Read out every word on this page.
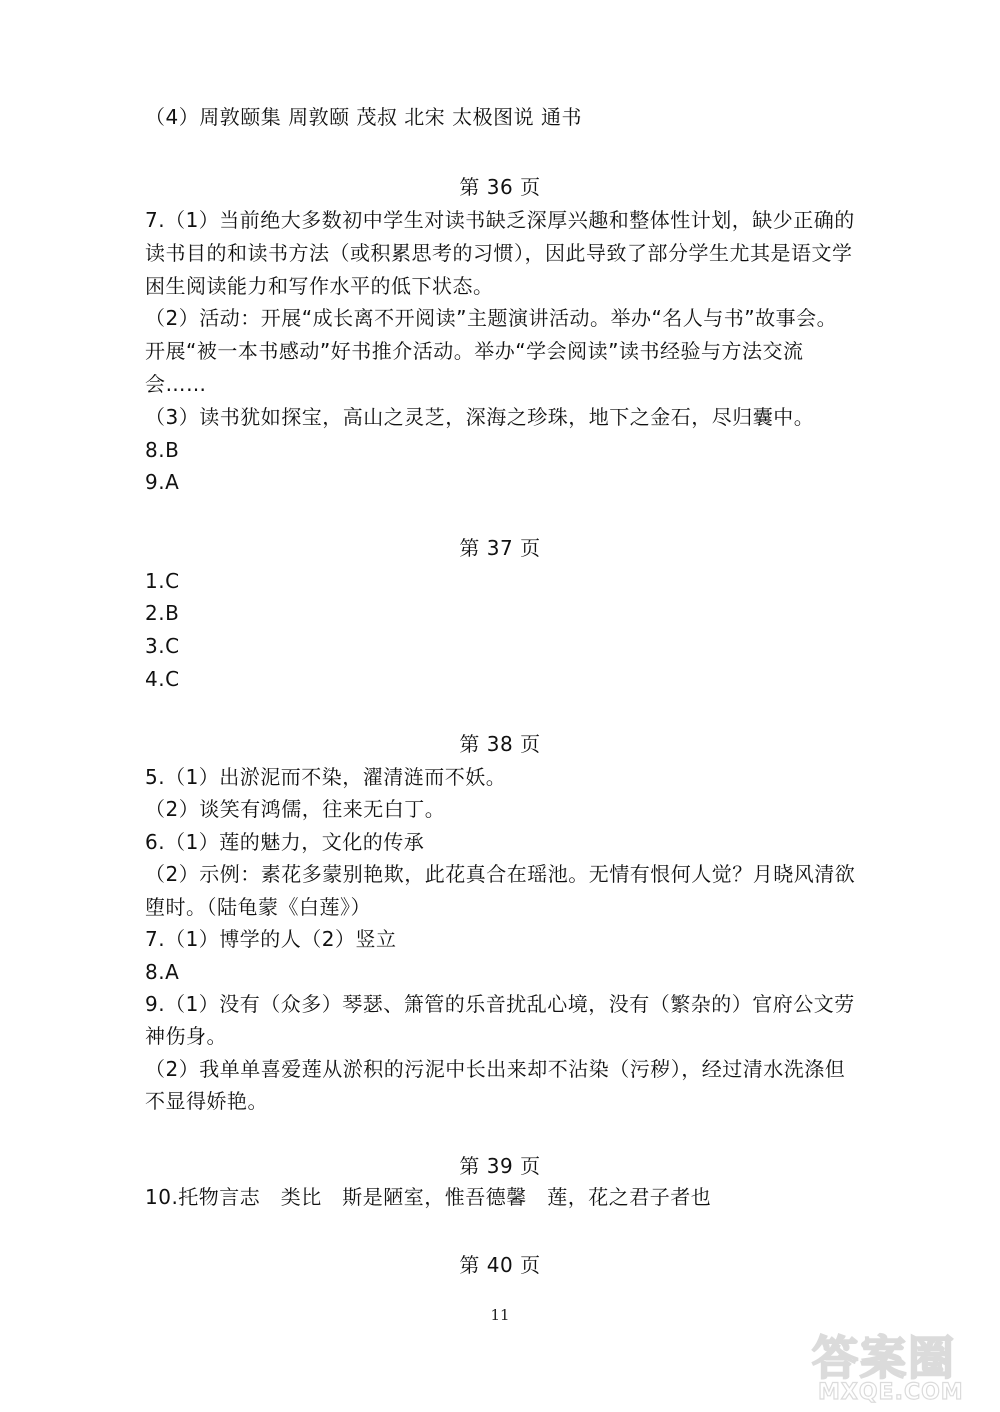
（4）周敦颐集 周敦颐 茂叔 北宋 太极图说 通书
第 36 页
7.（1）当前绝大多数初中学生对读书缺乏深厚兴趣和整体性计划，缺少正确的
读书目的和读书方法（或积累思考的习惯），因此导致了部分学生尤其是语文学
困生阅读能力和写作水平的低下状态。
（2）活动：开展“成长离不开阅读”主题演讲活动。举办“名人与书”故事会。
开展“被一本书感动”好书推介活动。举办“学会阅读”读书经验与方法交流
会……
（3）读书犹如探宝，高山之灵芝，深海之珍珠，地下之金石，尽归囊中。
8.B
9.A
第 37 页
1.C
2.B
3.C
4.C
第 38 页
5.（1）出淤泥而不染，濯清涟而不妖。
（2）谈笑有鸿儒，往来无白丁。
6.（1）莲的魅力，文化的传承
（2）示例：素花多蒙别艳欺，此花真合在瑶池。无情有恨何人觉？月晓风清欲
堕时。（陆龟蒙《白莲》）
7.（1）博学的人（2）竖立
8.A
9.（1）没有（众多）琴瑟、箫管的乐音扰乱心境，没有（繁杂的）官府公文劳
神伤身。
（2）我单单喜爱莲从淤积的污泥中长出来却不沾染（污秽），经过清水洗涤但
不显得娇艳。
第 39 页
10.托物言志　类比　斯是陋室，惟吾德馨　莲，花之君子者也
第 40 页
11
答案圈
MXQE.COM
